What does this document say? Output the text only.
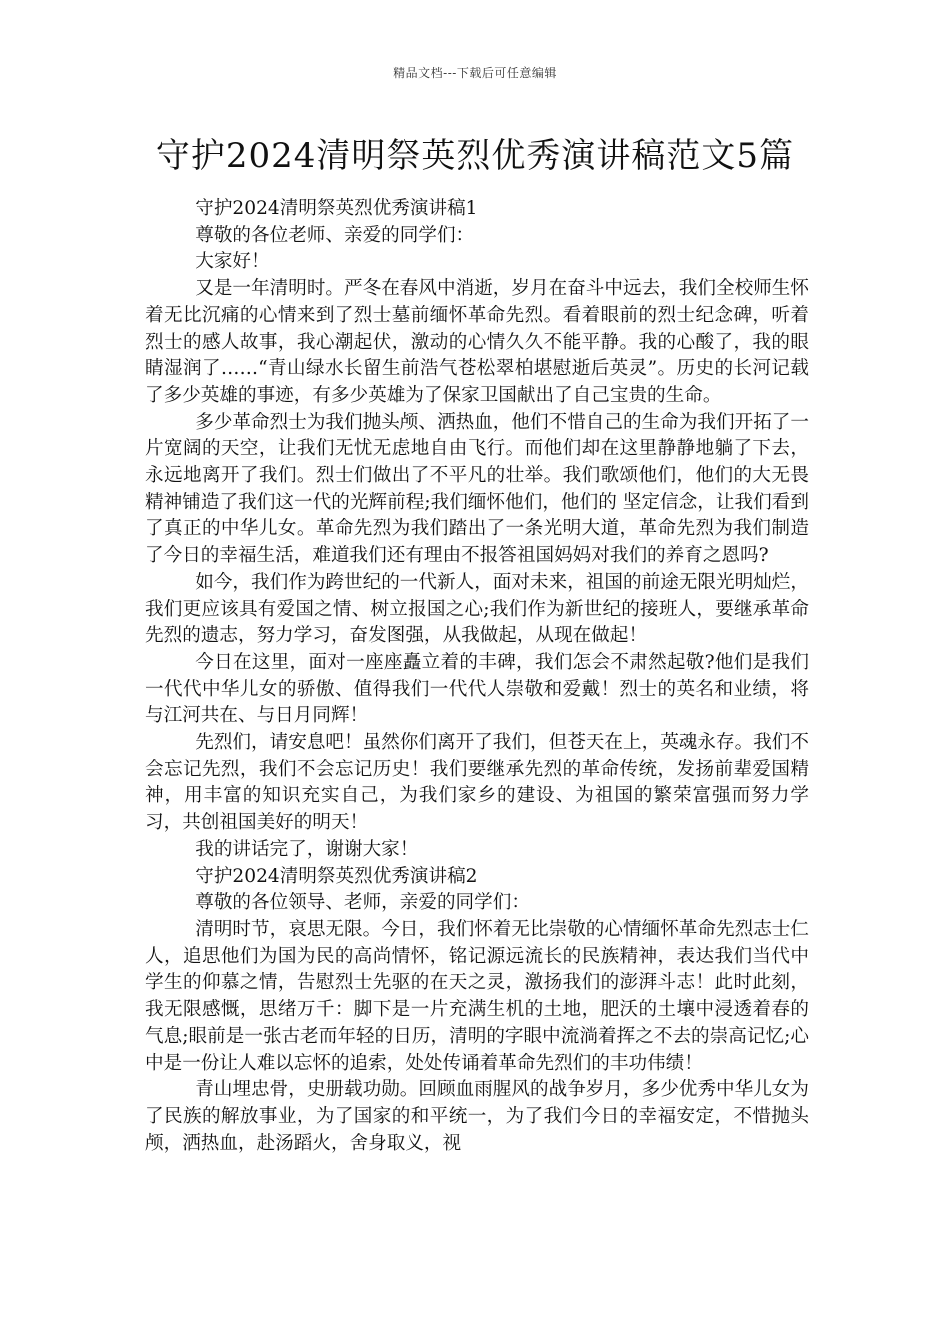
精品文档---下载后可任意编辑
守护2024清明祭英烈优秀演讲稿范文5篇

守护2024清明祭英烈优秀演讲稿1

尊敬的各位老师、亲爱的同学们：

大家好！

又是一年清明时。严冬在春风中消逝，岁月在奋斗中远去，我们全校师生怀着无比沉痛的心情来到了烈士墓前缅怀革命先烈。看着眼前的烈士纪念碑，听着烈士的感人故事，我心潮起伏，激动的心情久久不能平静。我的心酸了，我的眼睛湿润了……“青山绿水长留生前浩气苍松翠柏堪慰逝后英灵”。历史的长河记载了多少英雄的事迹，有多少英雄为了保家卫国献出了自己宝贵的生命。

多少革命烈士为我们抛头颅、洒热血，他们不惜自己的生命为我们开拓了一片宽阔的天空，让我们无忧无虑地自由飞行。而他们却在这里静静地躺了下去，永远地离开了我们。烈士们做出了不平凡的壮举。我们歌颂他们，他们的大无畏精神铺造了我们这一代的光辉前程;我们缅怀他们，他们的 坚定信念，让我们看到了真正的中华儿女。革命先烈为我们踏出了一条光明大道，革命先烈为我们制造了今日的幸福生活，难道我们还有理由不报答祖国妈妈对我们的养育之恩吗?

如今，我们作为跨世纪的一代新人，面对未来，祖国的前途无限光明灿烂，我们更应该具有爱国之情、树立报国之心;我们作为新世纪的接班人，要继承革命先烈的遗志，努力学习，奋发图强，从我做起，从现在做起！

今日在这里，面对一座座矗立着的丰碑，我们怎会不肃然起敬?他们是我们一代代中华儿女的骄傲、值得我们一代代人崇敬和爱戴！烈士的英名和业绩，将与江河共在、与日月同辉！

先烈们，请安息吧！虽然你们离开了我们，但苍天在上，英魂永存。我们不会忘记先烈，我们不会忘记历史！我们要继承先烈的革命传统，发扬前辈爱国精神，用丰富的知识充实自己，为我们家乡的建设、为祖国的繁荣富强而努力学习，共创祖国美好的明天！

我的讲话完了，谢谢大家！

守护2024清明祭英烈优秀演讲稿2

尊敬的各位领导、老师，亲爱的同学们：

清明时节，哀思无限。今日，我们怀着无比崇敬的心情缅怀革命先烈志士仁人，追思他们为国为民的高尚情怀，铭记源远流长的民族精神，表达我们当代中学生的仰慕之情，告慰烈士先驱的在天之灵，激扬我们的澎湃斗志！此时此刻，我无限感慨，思绪万千：脚下是一片充满生机的土地，肥沃的土壤中浸透着春的气息;眼前是一张古老而年轻的日历，清明的字眼中流淌着挥之不去的崇高记忆;心中是一份让人难以忘怀的追索，处处传诵着革命先烈们的丰功伟绩！

青山埋忠骨，史册载功勋。回顾血雨腥风的战争岁月，多少优秀中华儿女为了民族的解放事业，为了国家的和平统一，为了我们今日的幸福安定，不惜抛头颅，洒热血，赴汤蹈火，舍身取义，视
